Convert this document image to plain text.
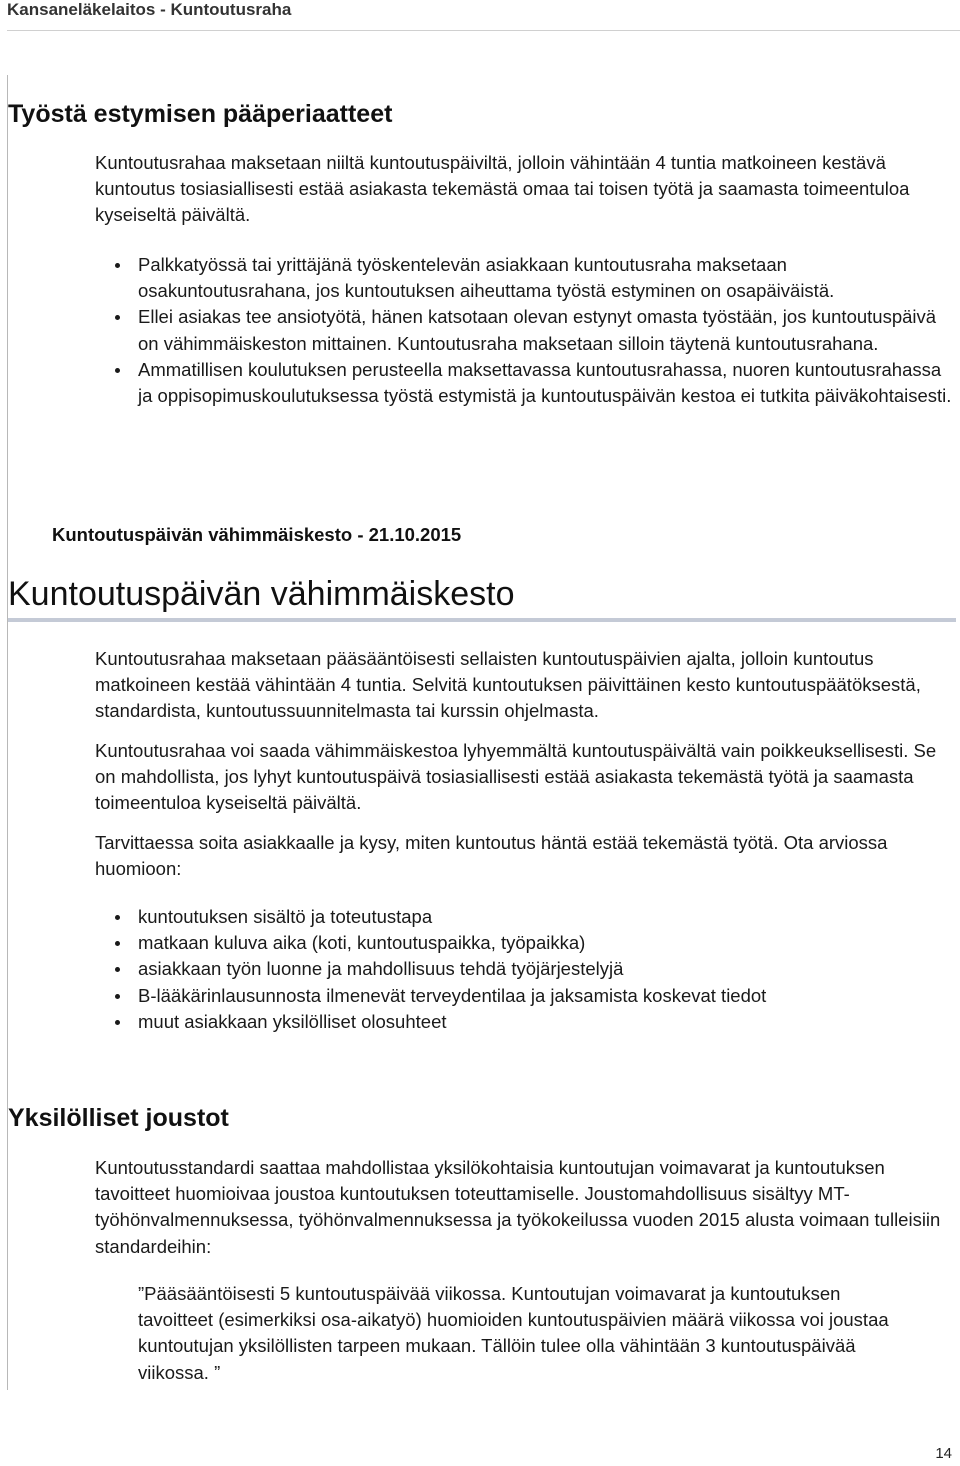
Kansaneläkelaitos - Kuntoutusraha
Työstä estymisen pääperiaatteet
Kuntoutusrahaa maksetaan niiltä kuntoutuspäiviltä, jolloin vähintään 4 tuntia matkoineen kestävä kuntoutus tosiasiallisesti estää asiakasta tekemästä omaa tai toisen työtä ja saamasta toimeentuloa kyseiseltä päivältä.
Palkkatyössä tai yrittäjänä työskentelevän asiakkaan kuntoutusraha maksetaan osakuntoutusrahana, jos kuntoutuksen aiheuttama työstä estyminen on osapäiväistä.
Ellei asiakas tee ansiotyötä, hänen katsotaan olevan estynyt omasta työstään, jos kuntoutuspäivä on vähimmäiskeston mittainen. Kuntoutusraha maksetaan silloin täytenä kuntoutusrahana.
Ammatillisen koulutuksen perusteella maksettavassa kuntoutusrahassa, nuoren kuntoutusrahassa ja oppisopimuskoulutuksessa työstä estymistä ja kuntoutuspäivän kestoa ei tutkita päiväkohtaisesti.
Kuntoutuspäivän vähimmäiskesto - 21.10.2015
Kuntoutuspäivän vähimmäiskesto
Kuntoutusrahaa maksetaan pääsääntöisesti sellaisten kuntoutuspäivien ajalta, jolloin kuntoutus matkoineen kestää vähintään 4 tuntia. Selvitä kuntoutuksen päivittäinen kesto kuntoutuspäätöksestä, standardista, kuntoutussuunnitelmasta tai kurssin ohjelmasta.
Kuntoutusrahaa voi saada vähimmäiskestoa lyhyemmältä kuntoutuspäivältä vain poikkeuksellisesti. Se on mahdollista, jos lyhyt kuntoutuspäivä tosiasiallisesti estää asiakasta tekemästä työtä ja saamasta toimeentuloa kyseiseltä päivältä.
Tarvittaessa soita asiakkaalle ja kysy, miten kuntoutus häntä estää tekemästä työtä. Ota arviossa huomioon:
kuntoutuksen sisältö ja toteutustapa
matkaan kuluva aika (koti, kuntoutuspaikka, työpaikka)
asiakkaan työn luonne ja mahdollisuus tehdä työjärjestelyjä
B-lääkärinlausunnosta ilmenevät terveydentilaa ja jaksamista koskevat tiedot
muut asiakkaan yksilölliset olosuhteet
Yksilölliset joustot
Kuntoutusstandardi saattaa mahdollistaa yksilökohtaisia kuntoutujan voimavarat ja kuntoutuksen tavoitteet huomioivaa joustoa kuntoutuksen toteuttamiselle. Joustomahdollisuus sisältyy MT-työhönvalmennuksessa, työhönvalmennuksessa ja työkokeilussa vuoden 2015 alusta voimaan tulleisiin standardeihin:
”Pääsääntöisesti 5 kuntoutuspäivää viikossa. Kuntoutujan voimavarat ja kuntoutuksen tavoitteet (esimerkiksi osa-aikatyö) huomioiden kuntoutuspäivien määrä viikossa voi joustaa kuntoutujan yksilöllisten tarpeen mukaan. Tällöin tulee olla vähintään 3 kuntoutuspäivää viikossa. ”
14
